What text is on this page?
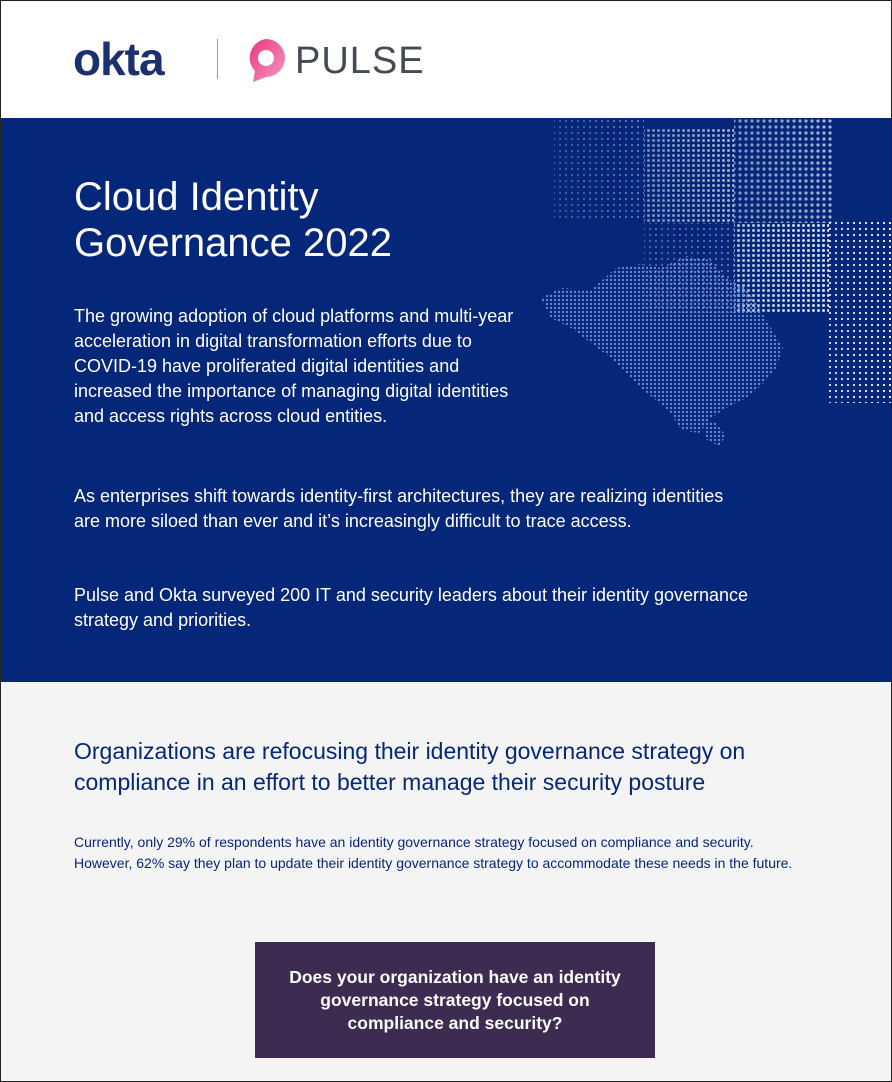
okta	PULSE
Cloud Identity Governance 2022
The growing adoption of cloud platforms and multi-year acceleration in digital transformation efforts due to COVID-19 have proliferated digital identities and increased the importance of managing digital identities and access rights across cloud entities.
As enterprises shift towards identity-first architectures, they are realizing identities are more siloed than ever and it’s increasingly difficult to trace access.
Pulse and Okta surveyed 200 IT and security leaders about their identity governance strategy and priorities.
Organizations are refocusing their identity governance strategy on compliance in an effort to better manage their security posture
Currently, only 29% of respondents have an identity governance strategy focused on compliance and security. However, 62% say they plan to update their identity governance strategy to accommodate these needs in the future.
Does your organization have an identity governance strategy focused on compliance and security?
